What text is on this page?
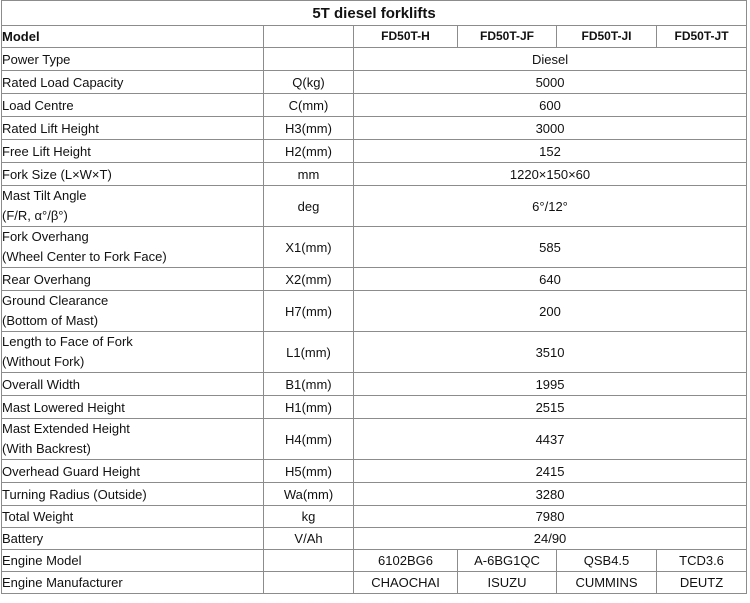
5T diesel forklifts					
Model		FD50T-H	FD50T-JF	FD50T-JI	FD50T-JT
Power Type		Diesel			
Rated Load Capacity	Q(kg)	5000			
Load Centre	C(mm)	600			
Rated Lift Height	H3(mm)	3000			
Free Lift Height	H2(mm)	152			
Fork Size (L×W×T)	mm	1220×150×60			

Mast Tilt Angle
(F/R, α°/β°)	deg	6°/12°			

Fork Overhang
(Wheel Center to Fork Face)	X1(mm)	585			
Rear Overhang	X2(mm)	640			

Ground Clearance
(Bottom of Mast)	H7(mm)	200			

Length to Face of Fork
(Without Fork)	L1(mm)	3510			
Overall Width	B1(mm)	1995			
Mast Lowered Height	H1(mm)	2515			

Mast Extended Height
(With Backrest)	H4(mm)	4437			
Overhead Guard Height	H5(mm)	2415			
Turning Radius (Outside)	Wa(mm)	3280			
Total Weight	kg	7980			
Battery	V/Ah	24/90			
Engine Model		6102BG6	A-6BG1QC	QSB4.5	TCD3.6
Engine Manufacturer		CHAOCHAI	ISUZU	CUMMINS	DEUTZ
